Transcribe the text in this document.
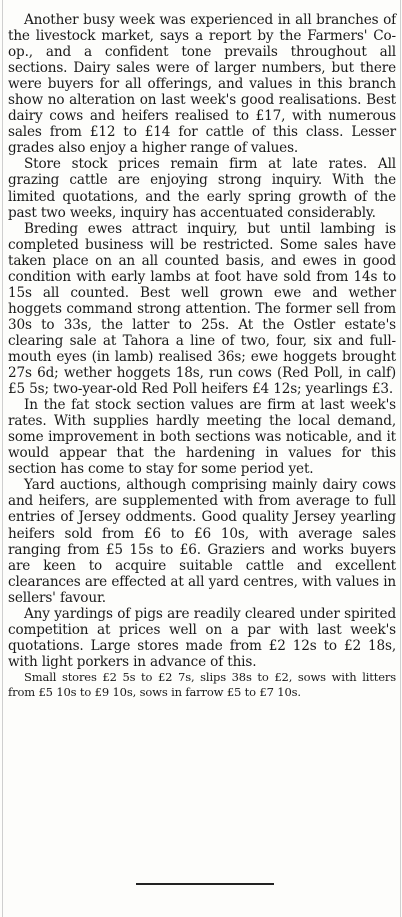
Another busy week was experienced in all branches of the livestock market, says a report by the Farmers' Co-op., and a confident tone prevails throughout all sections. Dairy sales were of larger numbers, but there were buyers for all offerings, and values in this branch show no alteration on last week's good realisations. Best dairy cows and heifers realised to £17, with numerous sales from £12 to £14 for cattle of this class. Lesser grades also enjoy a higher range of values.

Store stock prices remain firm at late rates. All grazing cattle are enjoying strong inquiry. With the limited quotations, and the early spring growth of the past two weeks, inquiry has accentuated considerably.

Breding ewes attract inquiry, but until lambing is completed business will be restricted. Some sales have taken place on an all counted basis, and ewes in good condition with early lambs at foot have sold from 14s to 15s all counted. Best well grown ewe and wether hoggets command strong attention. The former sell from 30s to 33s, the latter to 25s. At the Ostler estate's clearing sale at Tahora a line of two, four, six and full-mouth eyes (in lamb) realised 36s; ewe hoggets brought 27s 6d; wether hoggets 18s, run cows (Red Poll, in calf) £5 5s; two-year-old Red Poll heifers £4 12s; yearlings £3.

In the fat stock section values are firm at last week's rates. With supplies hardly meeting the local demand, some improvement in both sections was noticable, and it would appear that the hardening in values for this section has come to stay for some period yet.

Yard auctions, although comprising mainly dairy cows and heifers, are supplemented with from average to full entries of Jersey oddments. Good quality Jersey yearling heifers sold from £6 to £6 10s, with average sales ranging from £5 15s to £6. Graziers and works buyers are keen to acquire suitable cattle and excellent clearances are effected at all yard centres, with values in sellers' favour.

Any yardings of pigs are readily cleared under spirited competition at prices well on a par with last week's quotations. Large stores made from £2 12s to £2 18s, with light porkers in advance of this.

Small stores £2 5s to £2 7s, slips 38s to £2, sows with litters from £5 10s to £9 10s, sows in farrow £5 to £7 10s.
